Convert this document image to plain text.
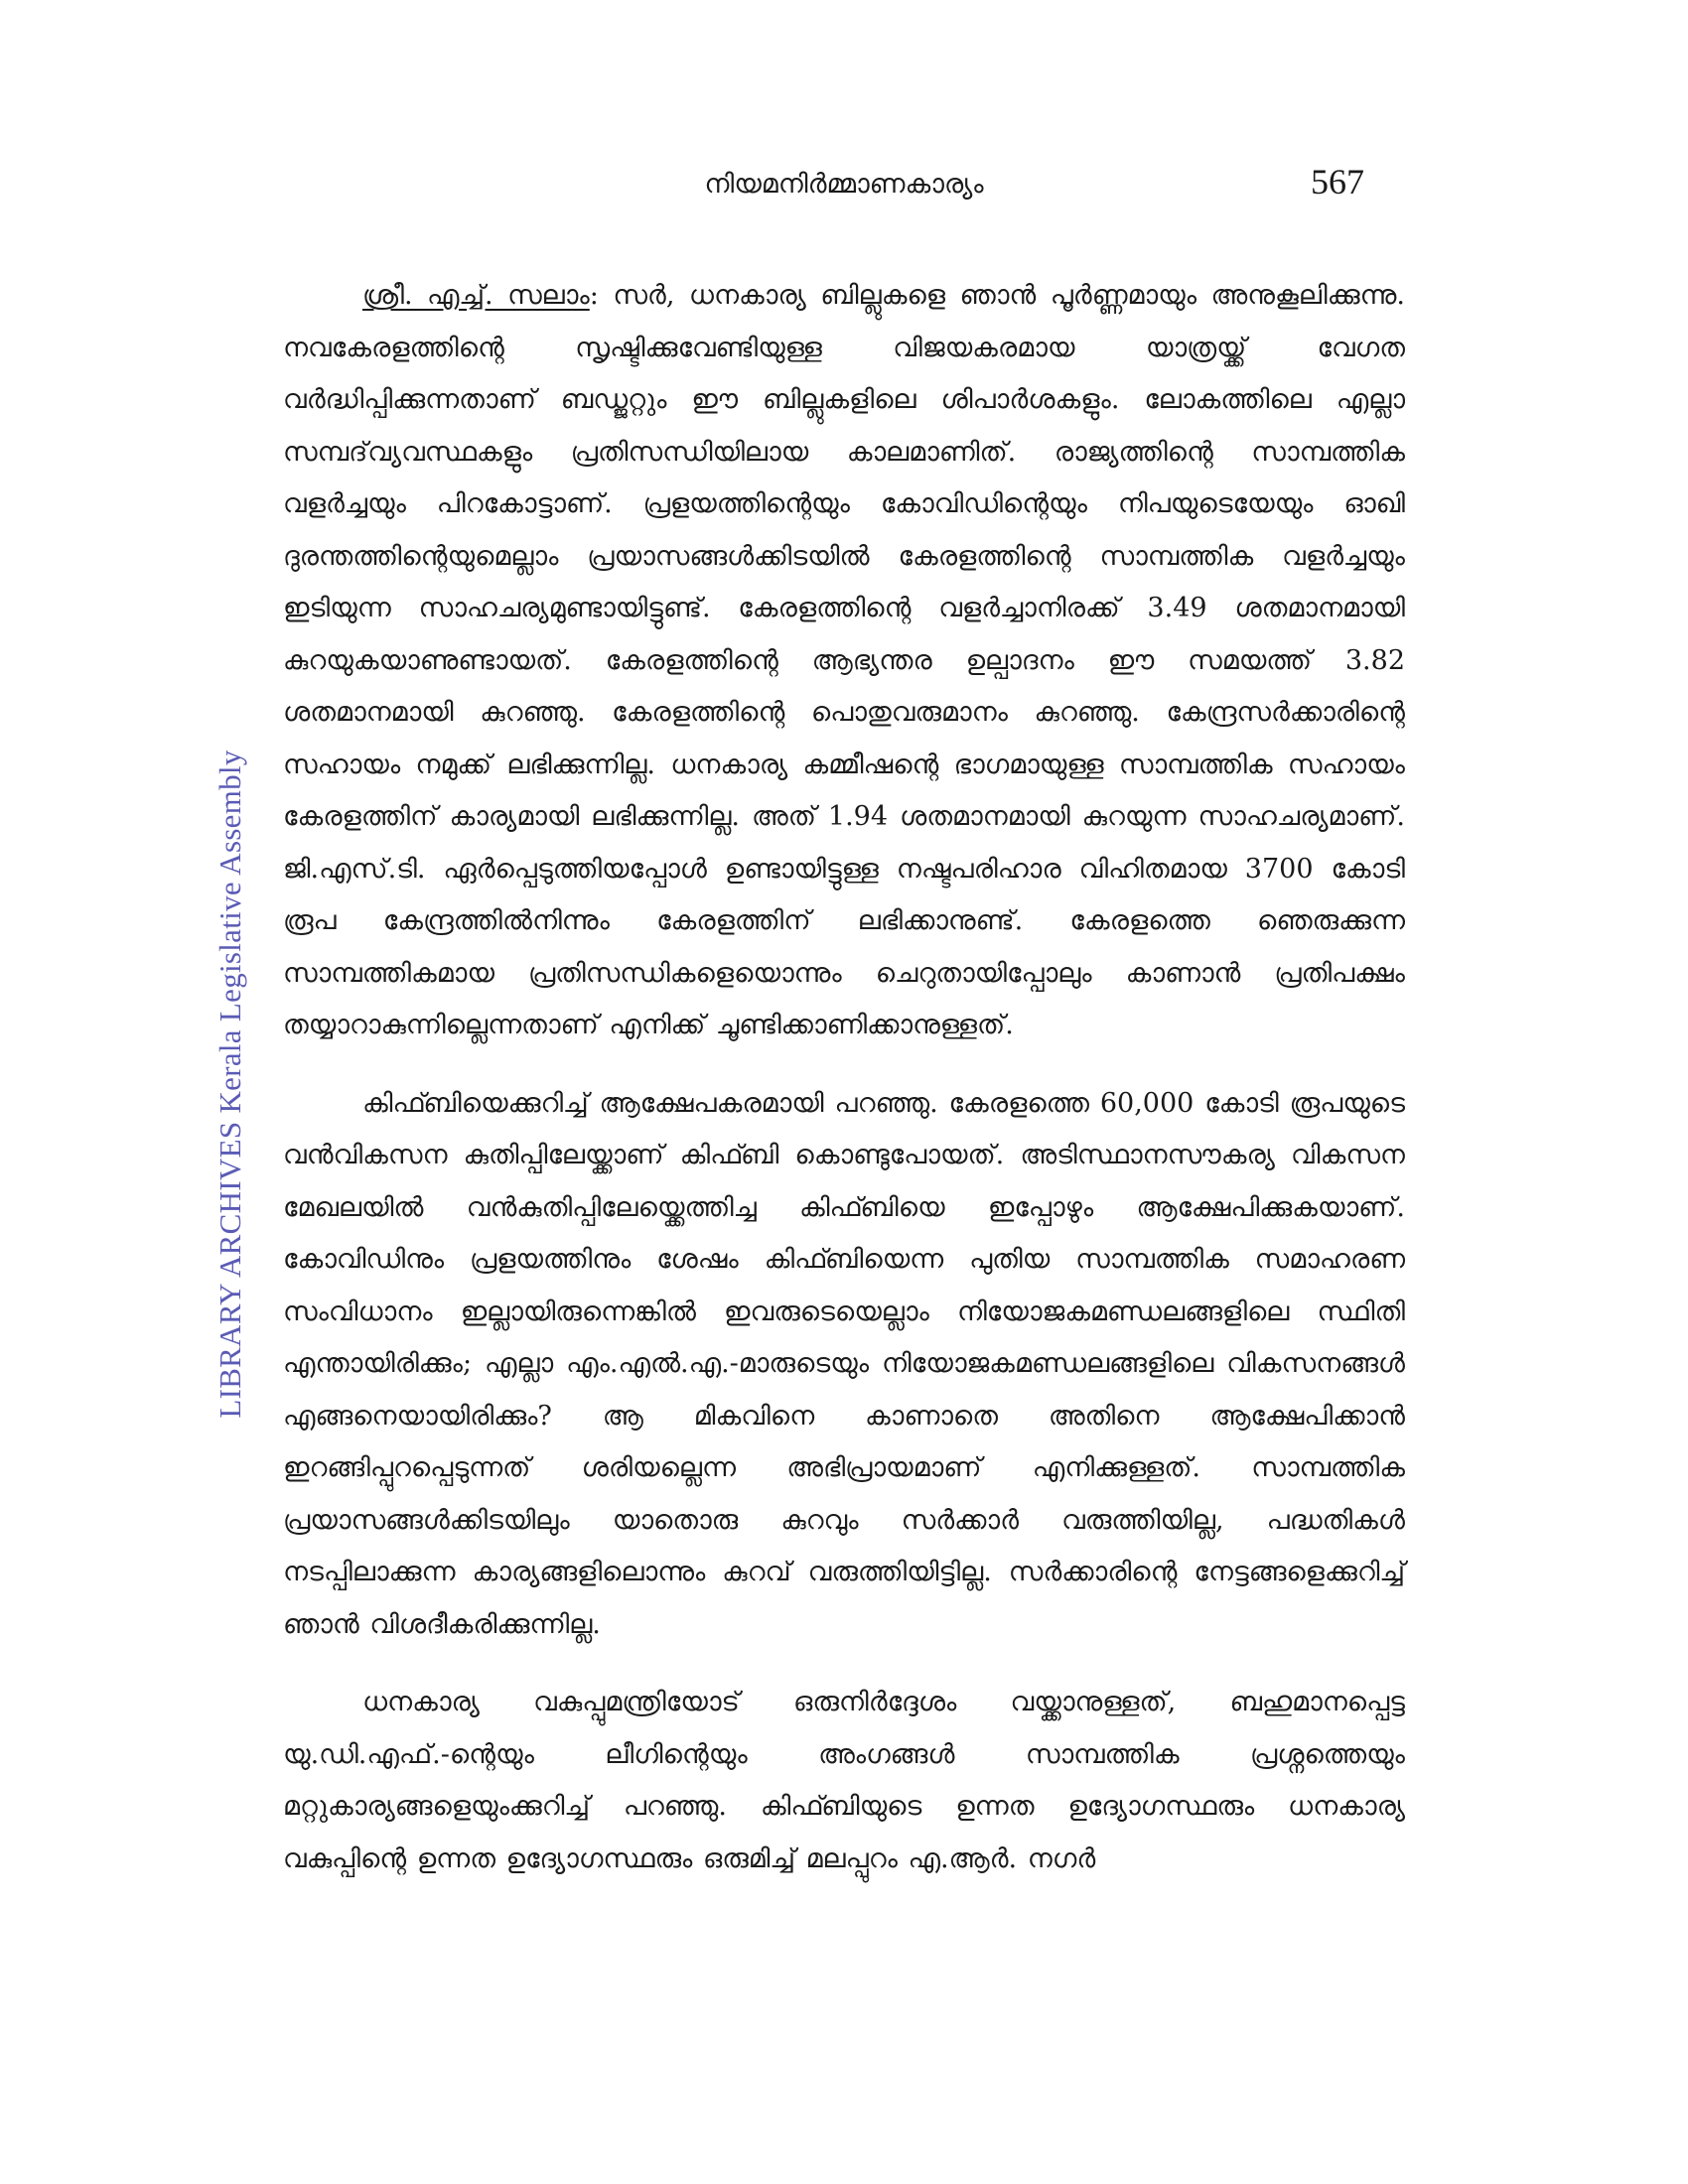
നിയമനിർമ്മാണകാര്യം	567
LIBRARY ARCHIVES Kerala Legislative Assembly

ശ്രീ. എച്ച്. സലാം: സർ, ധനകാര്യ ബില്ലുകളെ ഞാൻ പൂർണ്ണമായും അനുകൂലിക്കുന്നു. നവകേരളത്തിന്റെ സൃഷ്ടിക്കുവേണ്ടിയുള്ള വിജയകരമായ യാത്രയ്ക്ക് വേഗത വർദ്ധിപ്പിക്കുന്നതാണ് ബഡ്ജറ്റും ഈ ബില്ലുകളിലെ ശിപാർശകളും. ലോകത്തിലെ എല്ലാ സമ്പദ്‌വ്യവസ്ഥകളും പ്രതിസന്ധിയിലായ കാലമാണിത്. രാജ്യത്തിന്റെ സാമ്പത്തിക വളർച്ചയും പിറകോട്ടാണ്. പ്രളയത്തിന്റെയും കോവിഡിന്റെയും നിപയുടെയേയും ഓഖി ദുരന്തത്തിന്റെയുമെല്ലാം പ്രയാസങ്ങൾക്കിടയിൽ കേരളത്തിന്റെ സാമ്പത്തിക വളർച്ചയും ഇടിയുന്ന സാഹചര്യമുണ്ടായിട്ടുണ്ട്. കേരളത്തിന്റെ വളർച്ചാനിരക്ക് 3.49 ശതമാനമായി കുറയുകയാണുണ്ടായത്. കേരളത്തിന്റെ ആഭ്യന്തര ഉല്പാദനം ഈ സമയത്ത് 3.82 ശതമാനമായി കുറഞ്ഞു. കേരളത്തിന്റെ പൊതുവരുമാനം കുറഞ്ഞു. കേന്ദ്രസർക്കാരിന്റെ സഹായം നമുക്ക് ലഭിക്കുന്നില്ല. ധനകാര്യ കമ്മീഷന്റെ ഭാഗമായുള്ള സാമ്പത്തിക സഹായം കേരളത്തിന് കാര്യമായി ലഭിക്കുന്നില്ല. അത് 1.94 ശതമാനമായി കുറയുന്ന സാഹചര്യമാണ്. ജി.എസ്.ടി. ഏർപ്പെടുത്തിയപ്പോൾ ഉണ്ടായിട്ടുള്ള നഷ്ടപരിഹാര വിഹിതമായ 3700 കോടി രൂപ കേന്ദ്രത്തിൽനിന്നും കേരളത്തിന് ലഭിക്കാനുണ്ട്. കേരളത്തെ ഞെരുക്കുന്ന സാമ്പത്തികമായ പ്രതിസന്ധികളെയൊന്നും ചെറുതായിപ്പോലും കാണാൻ പ്രതിപക്ഷം തയ്യാറാകുന്നില്ലെന്നതാണ് എനിക്ക് ചൂണ്ടിക്കാണിക്കാനുള്ളത്.

കിഫ്ബിയെക്കുറിച്ച് ആക്ഷേപകരമായി പറഞ്ഞു. കേരളത്തെ 60,000 കോടി രൂപയുടെ വൻവികസന കുതിപ്പിലേയ്ക്കാണ് കിഫ്ബി കൊണ്ടുപോയത്. അടിസ്ഥാനസൗകര്യ വികസന മേഖലയിൽ വൻകുതിപ്പിലേയ്ക്കെത്തിച്ച കിഫ്ബിയെ ഇപ്പോഴും ആക്ഷേപിക്കുകയാണ്. കോവിഡിനും പ്രളയത്തിനും ശേഷം കിഫ്ബിയെന്ന പുതിയ സാമ്പത്തിക സമാഹരണ സംവിധാനം ഇല്ലായിരുന്നെങ്കിൽ ഇവരുടെയെല്ലാം നിയോജകമണ്ഡലങ്ങളിലെ സ്ഥിതി എന്തായിരിക്കും; എല്ലാ എം.എൽ.എ.-മാരുടെയും നിയോജകമണ്ഡലങ്ങളിലെ വികസനങ്ങൾ എങ്ങനെയായിരിക്കും? ആ മികവിനെ കാണാതെ അതിനെ ആക്ഷേപിക്കാൻ ഇറങ്ങിപ്പുറപ്പെടുന്നത് ശരിയല്ലെന്ന അഭിപ്രായമാണ് എനിക്കുള്ളത്. സാമ്പത്തിക പ്രയാസങ്ങൾക്കിടയിലും യാതൊരു കുറവും സർക്കാർ വരുത്തിയില്ല, പദ്ധതികൾ നടപ്പിലാക്കുന്ന കാര്യങ്ങളിലൊന്നും കുറവ് വരുത്തിയിട്ടില്ല. സർക്കാരിന്റെ നേട്ടങ്ങളെക്കുറിച്ച് ഞാൻ വിശദീകരിക്കുന്നില്ല.

ധനകാര്യ വകുപ്പുമന്ത്രിയോട് ഒരുനിർദ്ദേശം വയ്ക്കാനുള്ളത്, ബഹുമാനപ്പെട്ട യു.ഡി.എഫ്.-ന്റെയും ലീഗിന്റെയും അംഗങ്ങൾ സാമ്പത്തിക പ്രശ്നത്തെയും മറ്റുകാര്യങ്ങളെയുംക്കുറിച്ച് പറഞ്ഞു. കിഫ്ബിയുടെ ഉന്നത ഉദ്യോഗസ്ഥരും ധനകാര്യ വകുപ്പിന്റെ ഉന്നത ഉദ്യോഗസ്ഥരും ഒരുമിച്ച് മലപ്പുറം എ.ആർ. നഗർ
